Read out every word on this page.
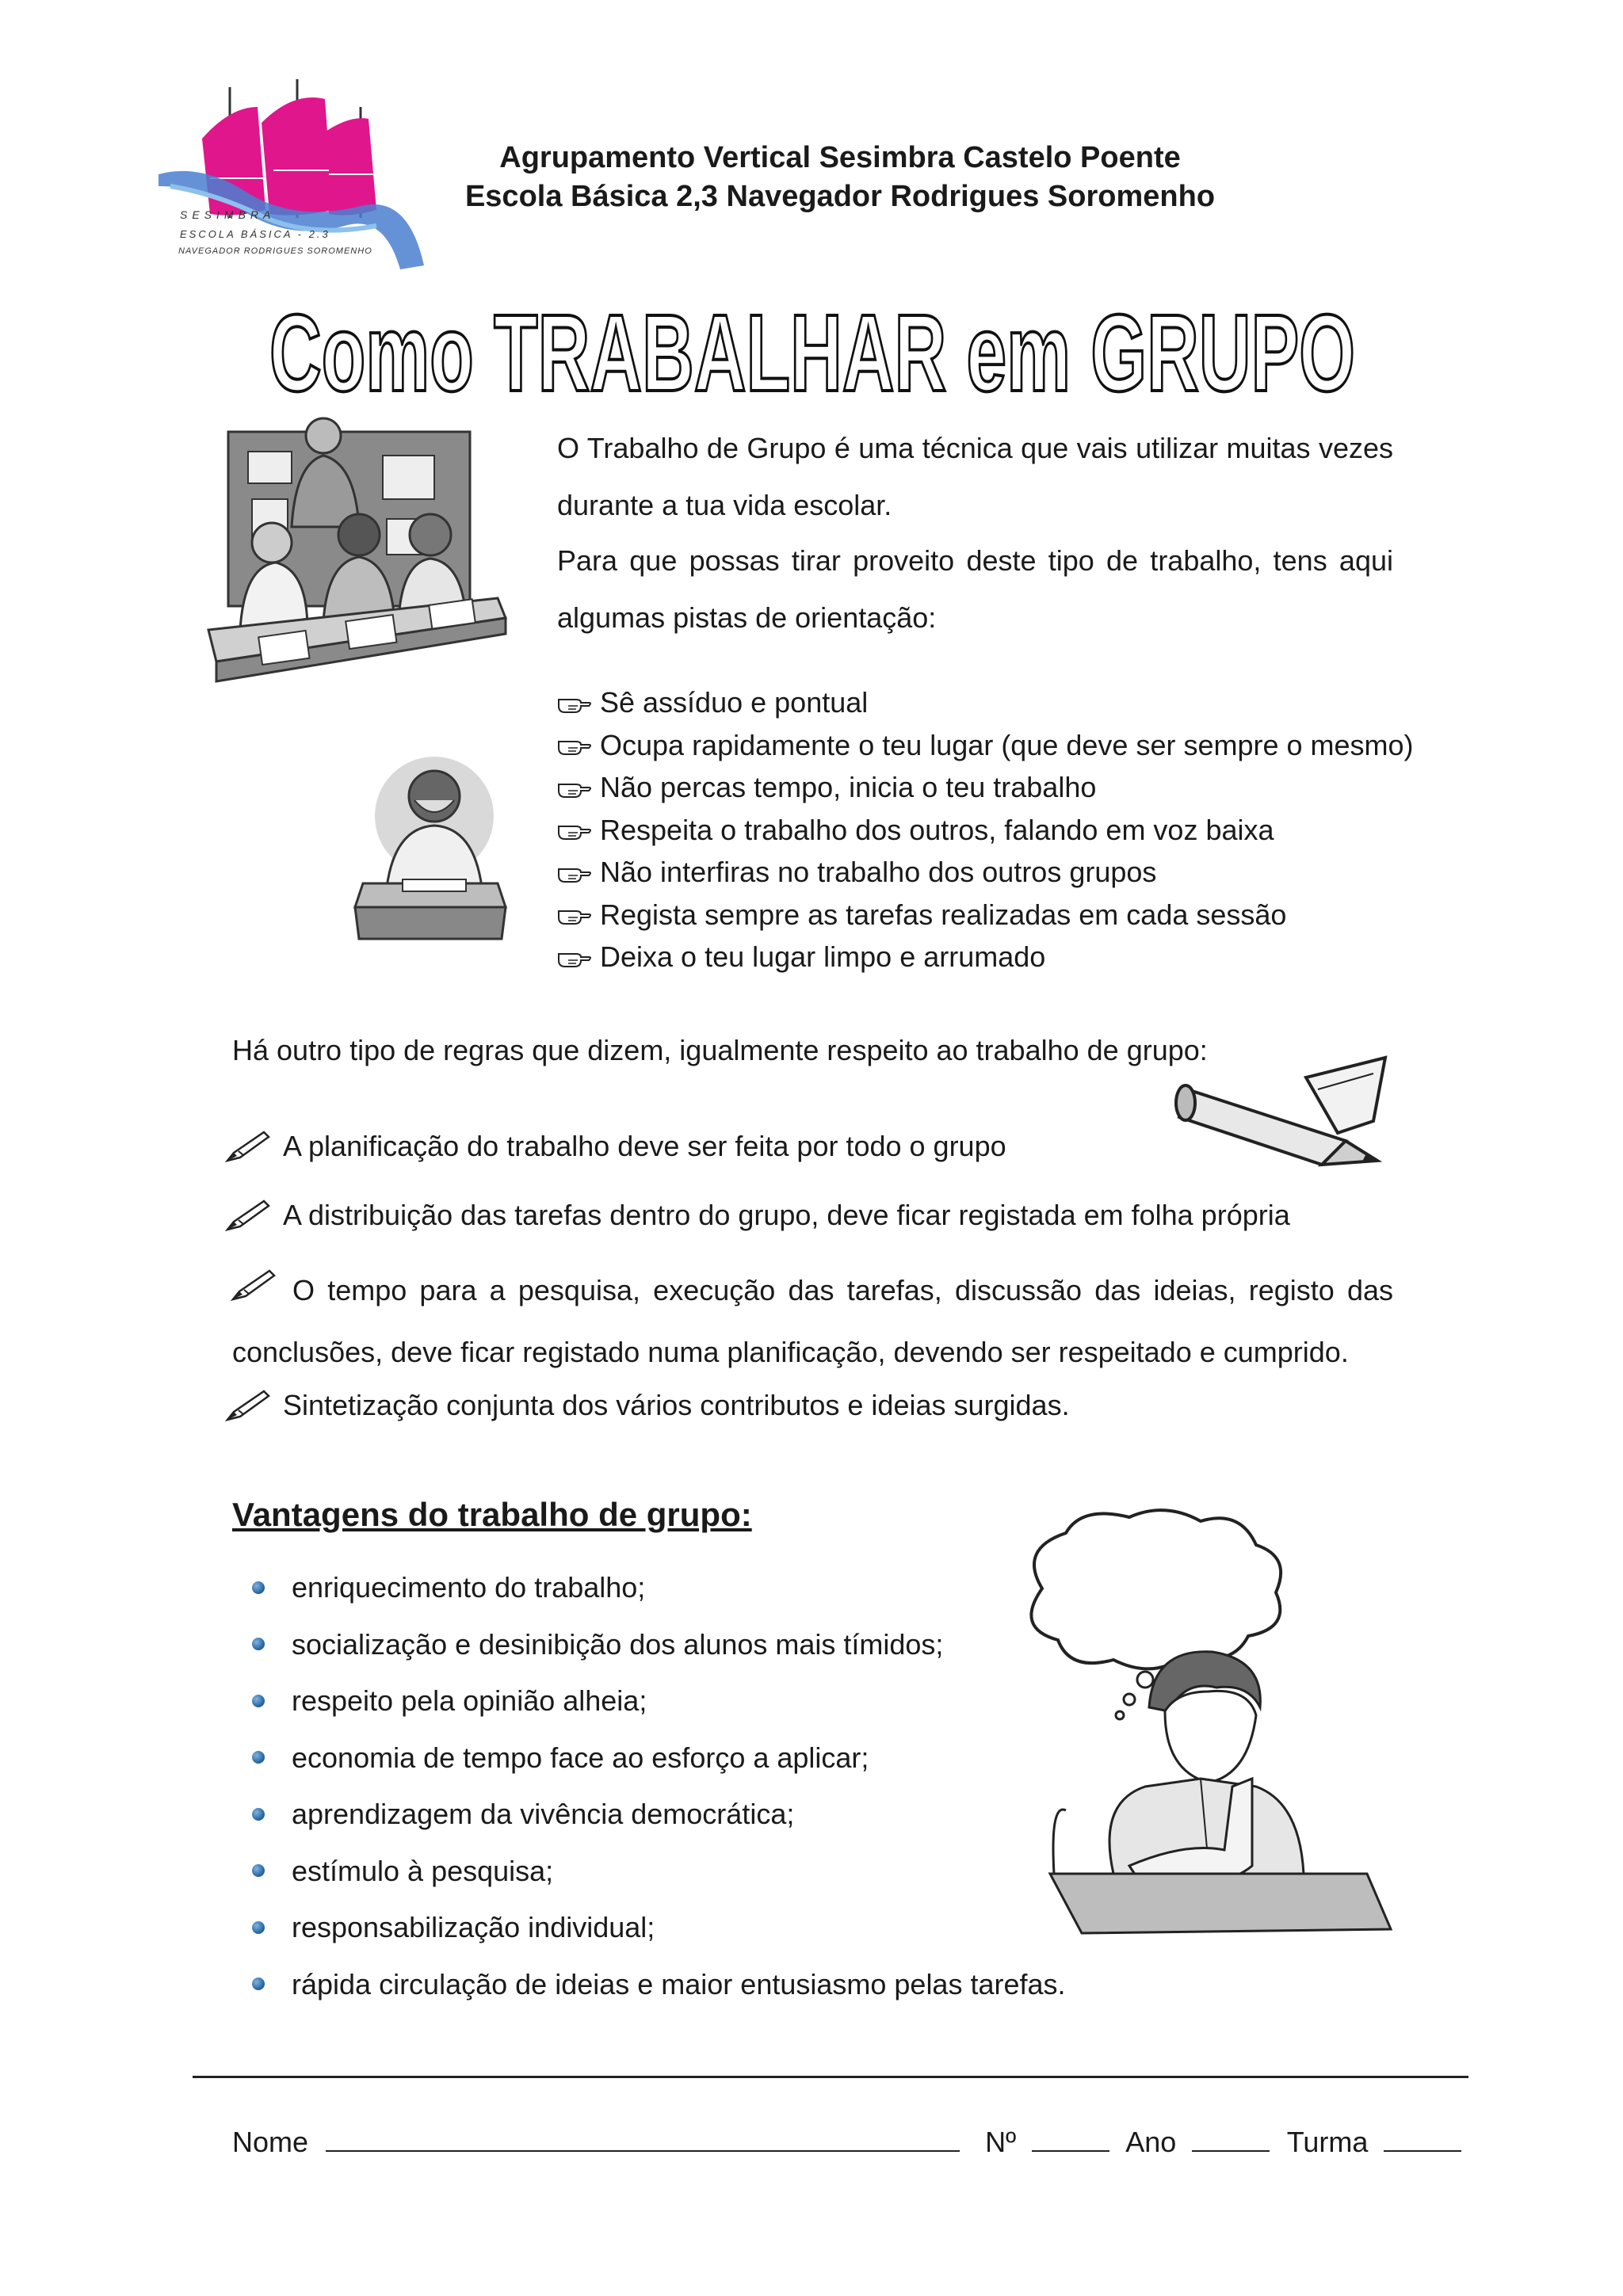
SESIMBRA
ESCOLA BÁSICA - 2.3
NAVEGADOR RODRIGUES SOROMENHO
Agrupamento Vertical Sesimbra Castelo Poente
Escola Básica 2,3 Navegador Rodrigues Soromenho
Como TRABALHAR em GRUPO
O Trabalho de Grupo é uma técnica que vais utilizar muitas vezes durante a tua vida escolar.
Para que possas tirar proveito deste tipo de trabalho, tens aqui algumas pistas de orientação:
Sê assíduo e pontual
Ocupa rapidamente o teu lugar (que deve ser sempre o mesmo)
Não percas tempo, inicia o teu trabalho
Respeita o trabalho dos outros, falando em voz baixa
Não interfiras no trabalho dos outros grupos
Regista sempre as tarefas realizadas em cada sessão
Deixa o teu lugar limpo e arrumado
Há outro tipo de regras que dizem, igualmente respeito ao trabalho de grupo:
A planificação do trabalho deve ser feita por todo o grupo
A distribuição das tarefas dentro do grupo, deve ficar registada em folha própria
O tempo para a pesquisa, execução das tarefas, discussão das ideias, registo das conclusões, deve ficar registado numa planificação, devendo ser respeitado e cumprido.
Sintetização conjunta dos vários contributos e ideias surgidas.
Vantagens do trabalho de grupo:
enriquecimento do trabalho;
socialização e desinibição dos alunos mais tímidos;
respeito pela opinião alheia;
economia de tempo face ao esforço a aplicar;
aprendizagem da vivência democrática;
estímulo à pesquisa;
responsabilização individual;
rápida circulação de ideias e maior entusiasmo pelas tarefas.
Nome	Nº	Ano	Turma
